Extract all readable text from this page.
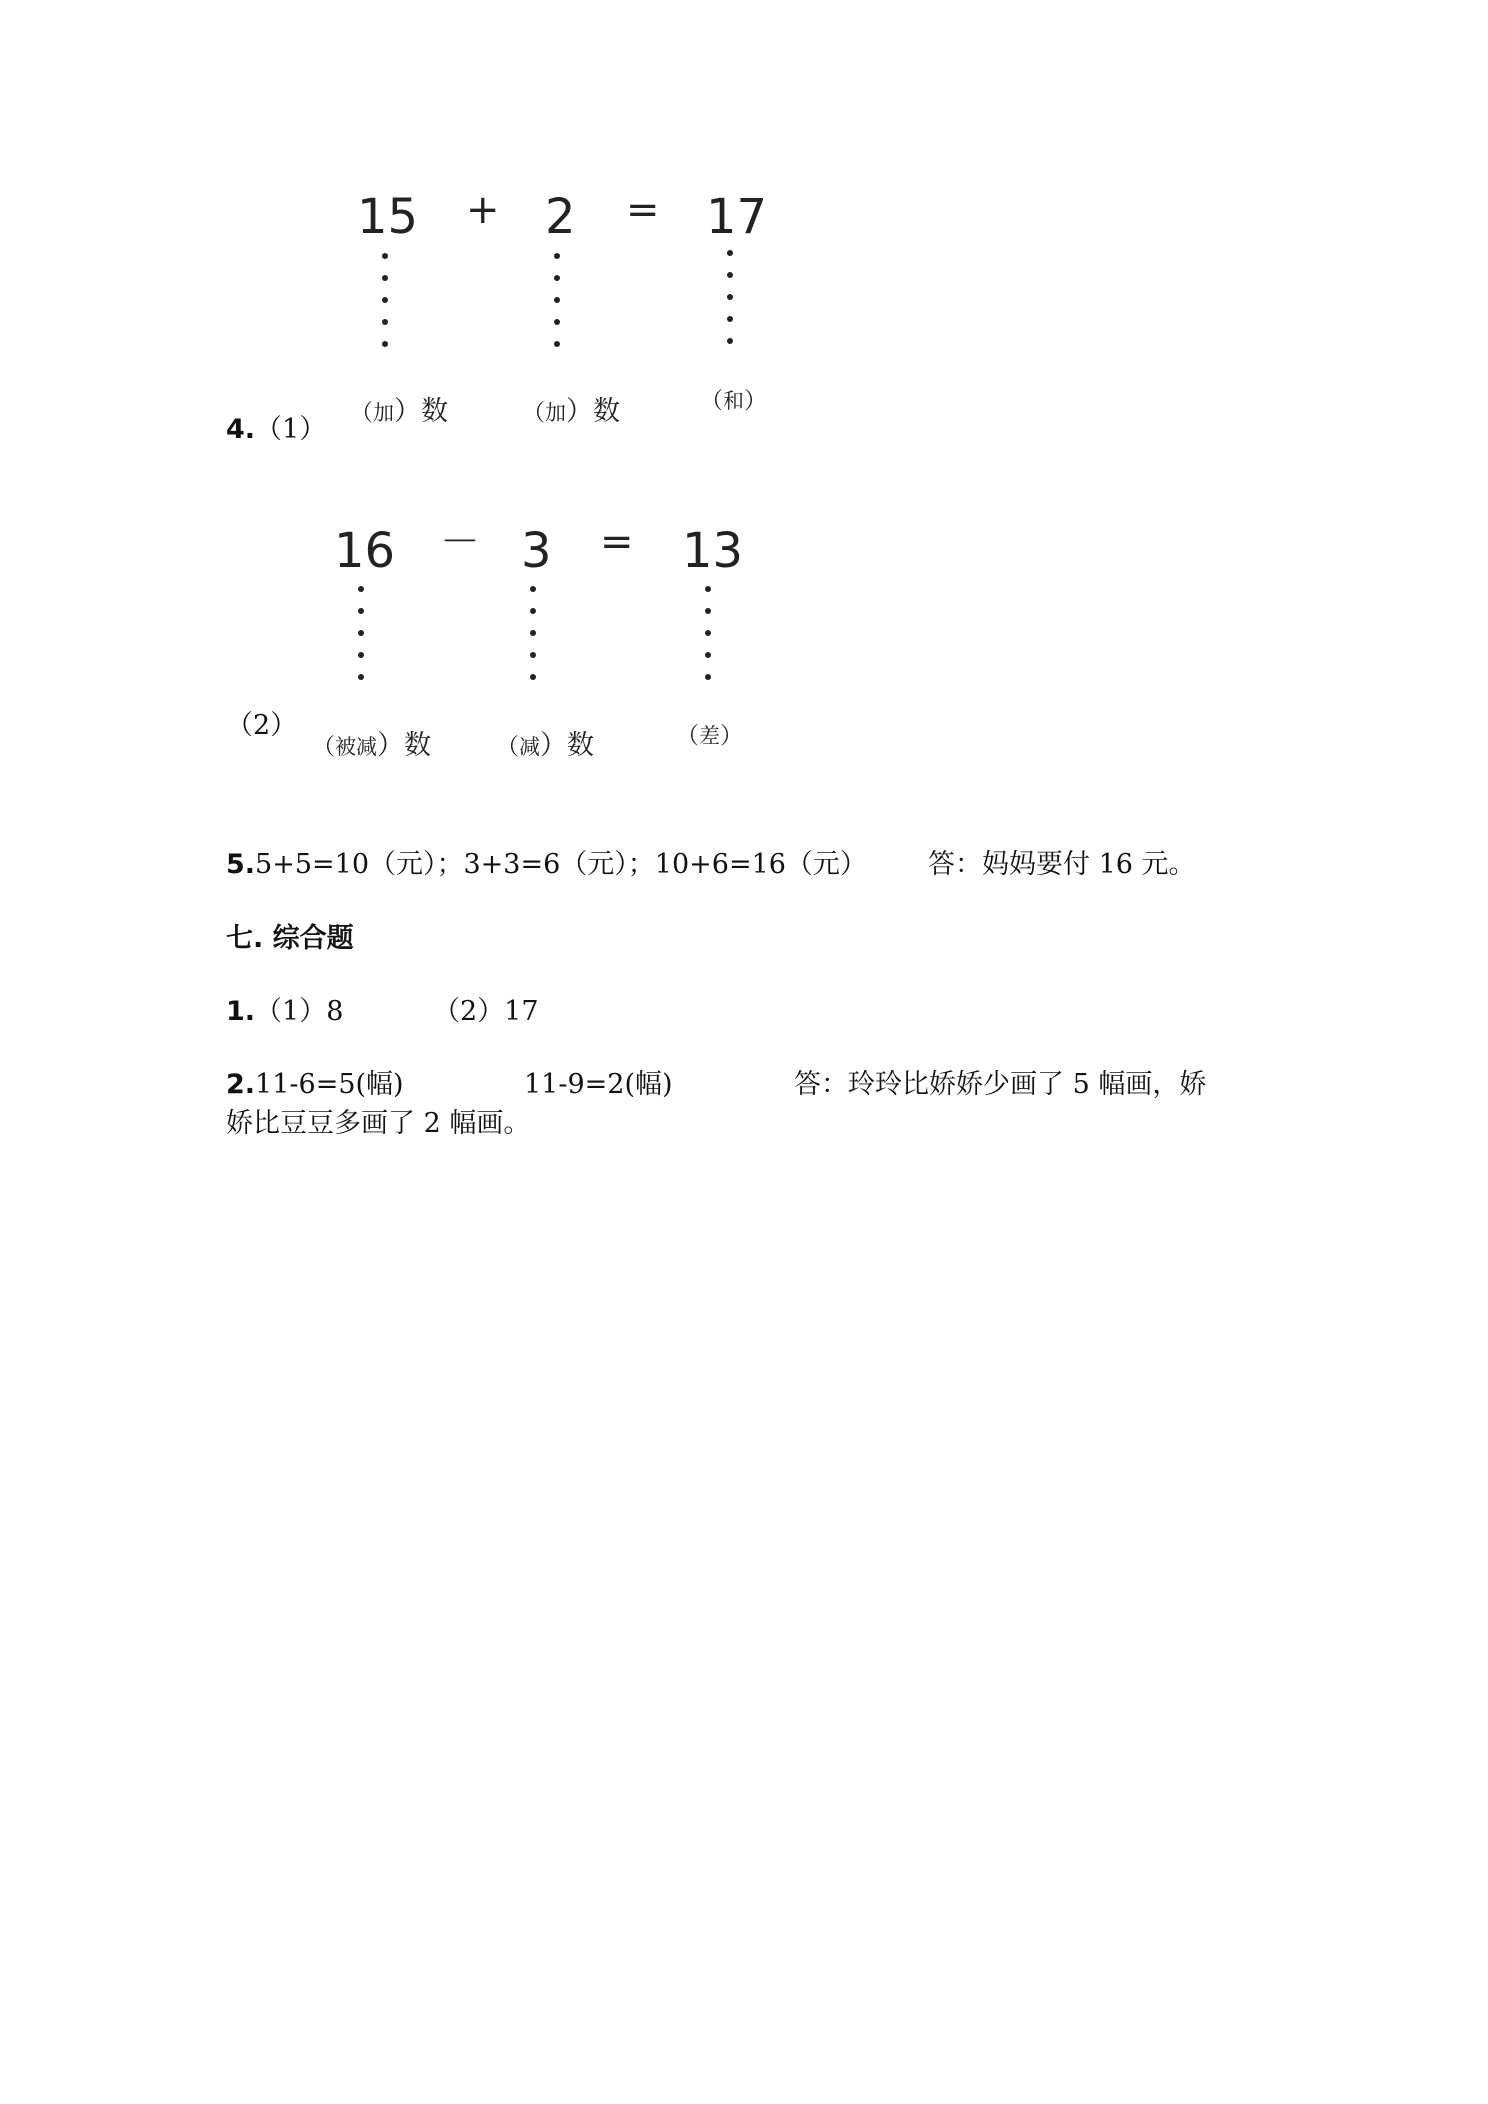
15 + 2 = 17
（加）数	（加）数	（和）
4.（1）
16 － 3 = 13
（被减）数	（减）数	（差）
（2）
5.5+5=10（元）；3+3=6（元）；10+6=16（元） 答：妈妈要付 16 元。
七. 综合题
1.（1）8	（2）17
2.11-6=5(幅)	11-9=2(幅)	答：玲玲比娇娇少画了 5 幅画，娇
娇比豆豆多画了 2 幅画。
